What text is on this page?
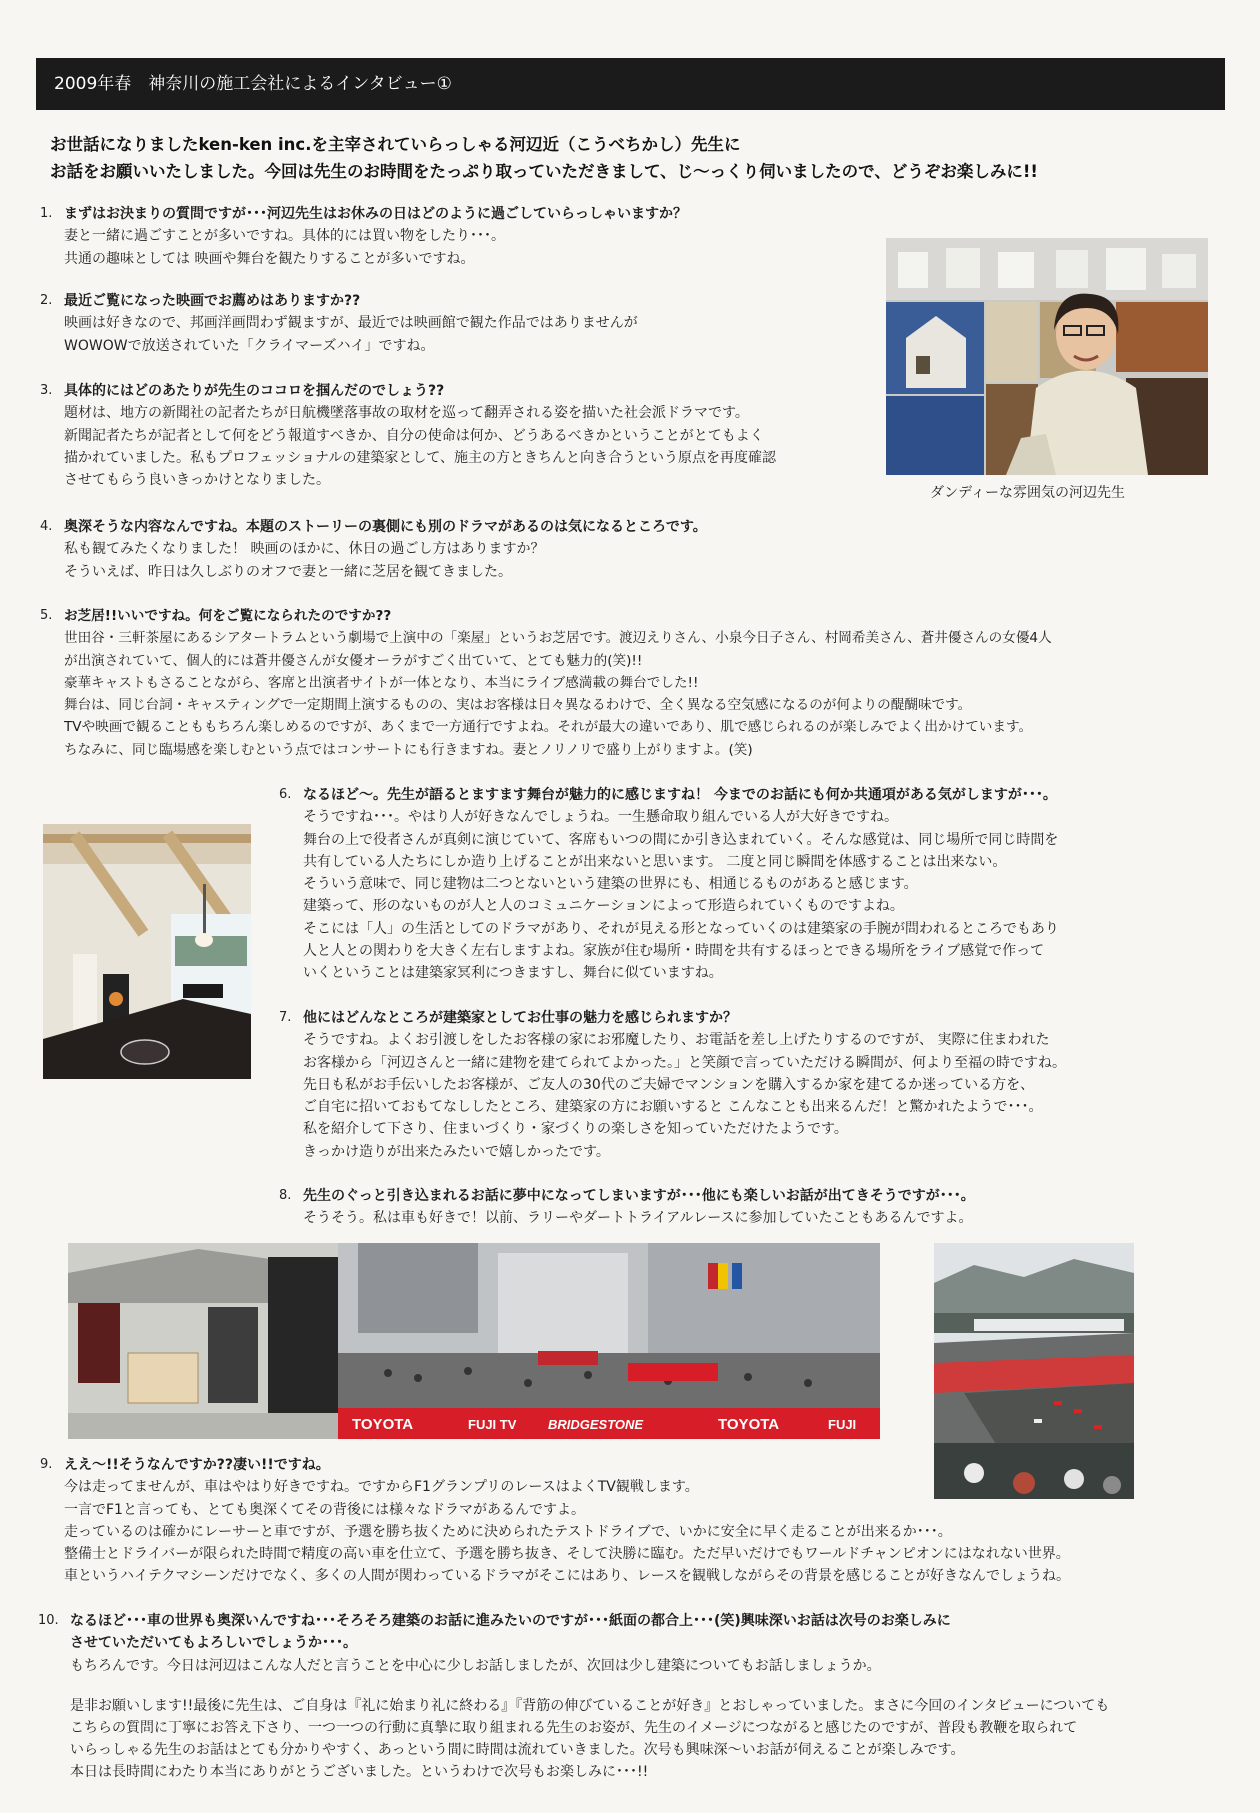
2009年春　神奈川の施工会社によるインタビュー①
お世話になりましたken-ken inc.を主宰されていらっしゃる河辺近（こうべちかし）先生に
お話をお願いいたしました。今回は先生のお時間をたっぷり取っていただきまして、じ～っくり伺いましたので、どうぞお楽しみに!!
1. まずはお決まりの質問ですが･･･河辺先生はお休みの日はどのように過ごしていらっしゃいますか？
妻と一緒に過ごすことが多いですね。具体的には買い物をしたり･･･。
共通の趣味としては 映画や舞台を観たりすることが多いですね。
2. 最近ご覧になった映画でお薦めはありますか??
映画は好きなので、邦画洋画問わず観ますが、最近では映画館で観た作品ではありませんが
WOWOWで放送されていた「クライマーズハイ」ですね。
3. 具体的にはどのあたりが先生のココロを掴んだのでしょう??
題材は、地方の新聞社の記者たちが日航機墜落事故の取材を巡って翻弄される姿を描いた社会派ドラマです。
新聞記者たちが記者として何をどう報道すべきか、自分の使命は何か、どうあるべきかということがとてもよく
描かれていました。私もプロフェッショナルの建築家として、施主の方ときちんと向き合うという原点を再度確認
させてもらう良いきっかけとなりました。
ダンディーな雰囲気の河辺先生
4. 奥深そうな内容なんですね。本題のストーリーの裏側にも別のドラマがあるのは気になるところです。
私も観てみたくなりました！ 映画のほかに、休日の過ごし方はありますか？
そういえば、昨日は久しぶりのオフで妻と一緒に芝居を観てきました。
5. お芝居!!いいですね。何をご覧になられたのですか??
世田谷・三軒茶屋にあるシアタートラムという劇場で上演中の「楽屋」というお芝居です。渡辺えりさん、小泉今日子さん、村岡希美さん、蒼井優さんの女優4人
が出演されていて、個人的には蒼井優さんが女優オーラがすごく出ていて、とても魅力的(笑)!!
豪華キャストもさることながら、客席と出演者サイトが一体となり、本当にライブ感満載の舞台でした!!
舞台は、同じ台詞・キャスティングで一定期間上演するものの、実はお客様は日々異なるわけで、全く異なる空気感になるのが何よりの醍醐味です。
TVや映画で観ることももちろん楽しめるのですが、あくまで一方通行ですよね。それが最大の違いであり、肌で感じられるのが楽しみでよく出かけています。
ちなみに、同じ臨場感を楽しむという点ではコンサートにも行きますね。妻とノリノリで盛り上がりますよ。(笑)
6. なるほど～。先生が語るとますます舞台が魅力的に感じますね！ 今までのお話にも何か共通項がある気がしますが･･･。
そうですね･･･。やはり人が好きなんでしょうね。一生懸命取り組んでいる人が大好きですね。
舞台の上で役者さんが真剣に演じていて、客席もいつの間にか引き込まれていく。そんな感覚は、同じ場所で同じ時間を
共有している人たちにしか造り上げることが出来ないと思います。 二度と同じ瞬間を体感することは出来ない。
そういう意味で、同じ建物は二つとないという建築の世界にも、相通じるものがあると感じます。
建築って、形のないものが人と人のコミュニケーションによって形造られていくものですよね。
そこには「人」の生活としてのドラマがあり、それが見える形となっていくのは建築家の手腕が問われるところでもあり
人と人との関わりを大きく左右しますよね。家族が住む場所・時間を共有するほっとできる場所をライブ感覚で作って
いくということは建築家冥利につきますし、舞台に似ていますね。
7. 他にはどんなところが建築家としてお仕事の魅力を感じられますか？
そうですね。よくお引渡しをしたお客様の家にお邪魔したり、お電話を差し上げたりするのですが、 実際に住まわれた
お客様から「河辺さんと一緒に建物を建てられてよかった。」と笑顔で言っていただける瞬間が、何より至福の時ですね。
先日も私がお手伝いしたお客様が、ご友人の30代のご夫婦でマンションを購入するか家を建てるか迷っている方を、
ご自宅に招いておもてなししたところ、建築家の方にお願いすると こんなことも出来るんだ！と驚かれたようで･･･。
私を紹介して下さり、住まいづくり・家づくりの楽しさを知っていただけたようです。
きっかけ造りが出来たみたいで嬉しかったです。
8. 先生のぐっと引き込まれるお話に夢中になってしまいますが･･･他にも楽しいお話が出てきそうですが･･･。
そうそう。私は車も好きで！以前、ラリーやダートトライアルレースに参加していたこともあるんですよ。
TOYOTA	FUJI TV BRIDGESTONE	TOYOTA	FUJI
9. ええ～!!そうなんですか??凄い!!ですね。
今は走ってませんが、車はやはり好きですね。ですからF1グランプリのレースはよくTV観戦します。
一言でF1と言っても、とても奥深くてその背後には様々なドラマがあるんですよ。
走っているのは確かにレーサーと車ですが、予選を勝ち抜くために決められたテストドライブで、いかに安全に早く走ることが出来るか･･･。
整備士とドライバーが限られた時間で精度の高い車を仕立て、予選を勝ち抜き、そして決勝に臨む。ただ早いだけでもワールドチャンピオンにはなれない世界。
車というハイテクマシーンだけでなく、多くの人間が関わっているドラマがそこにはあり、レースを観戦しながらその背景を感じることが好きなんでしょうね。
10. なるほど･･･車の世界も奥深いんですね･･･そろそろ建築のお話に進みたいのですが･･･紙面の都合上･･･(笑)興味深いお話は次号のお楽しみに
させていただいてもよろしいでしょうか･･･。
もちろんです。今日は河辺はこんな人だと言うことを中心に少しお話しましたが、次回は少し建築についてもお話しましょうか。
是非お願いします!!最後に先生は、ご自身は『礼に始まり礼に終わる』『背筋の伸びていることが好き』とおしゃっていました。まさに今回のインタビューについても
こちらの質問に丁寧にお答え下さり、一つ一つの行動に真摯に取り組まれる先生のお姿が、先生のイメージにつながると感じたのですが、普段も教鞭を取られて
いらっしゃる先生のお話はとても分かりやすく、あっという間に時間は流れていきました。次号も興味深～いお話が伺えることが楽しみです。
本日は長時間にわたり本当にありがとうございました。というわけで次号もお楽しみに･･･!!
